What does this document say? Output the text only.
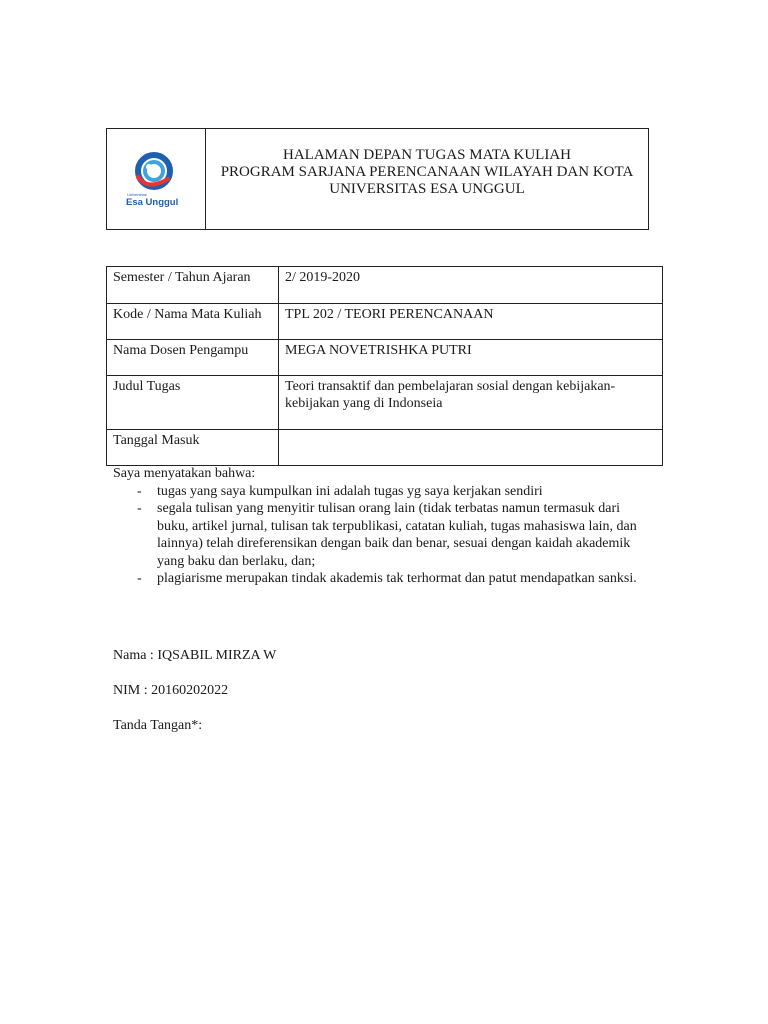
Universitas
Esa Unggul
HALAMAN DEPAN TUGAS MATA KULIAH
PROGRAM SARJANA PERENCANAAN WILAYAH DAN KOTA
UNIVERSITAS ESA UNGGUL
Semester / Tahun Ajaran	2/ 2019-2020
Kode / Nama Mata Kuliah	TPL 202 / TEORI PERENCANAAN
Nama Dosen Pengampu	MEGA NOVETRISHKA PUTRI
Judul Tugas	Teori transaktif dan pembelajaran sosial dengan kebijakan-kebijakan yang di Indonseia
Tanggal Masuk	
Saya menyatakan bahwa:
- tugas yang saya kumpulkan ini adalah tugas yg saya kerjakan sendiri
- segala tulisan yang menyitir tulisan orang lain (tidak terbatas namun termasuk dari buku, artikel jurnal, tulisan tak terpublikasi, catatan kuliah, tugas mahasiswa lain, dan lainnya) telah direferensikan dengan baik dan benar, sesuai dengan kaidah akademik yang baku dan berlaku, dan;
- plagiarisme merupakan tindak akademis tak terhormat dan patut mendapatkan sanksi.
Nama : IQSABIL MIRZA W
NIM : 20160202022
Tanda Tangan*:
